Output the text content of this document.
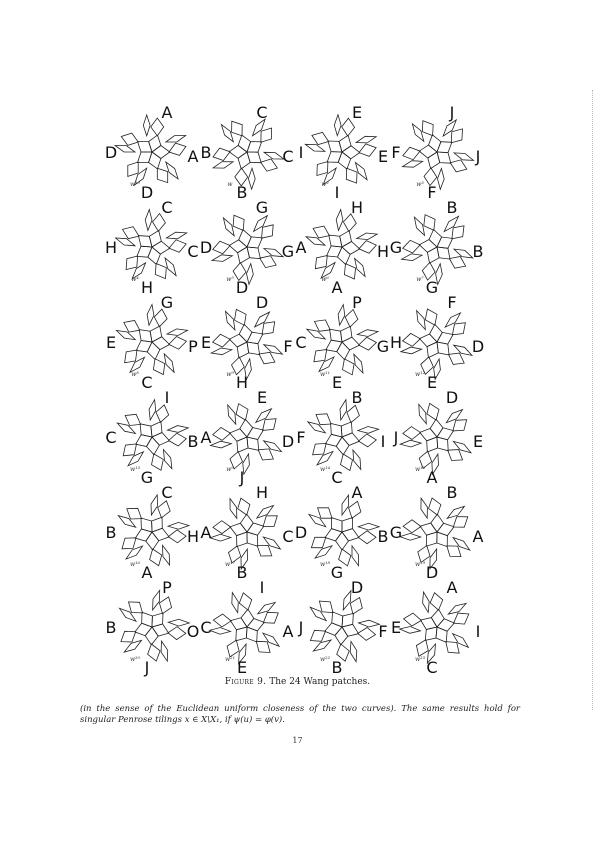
A
A
D
D
w¹⁰
C
C
B
B
w
E
E
I
I
w²
J
J
F
F
w³
C
C
H
H
w⁴
G
G
D
D
w⁵
H
H
A
A
w⁶
B
B
G
G
w⁷
G
P
C
E
w⁸
D
F
H
E
w⁹
P
G
E
C
w¹¹
F
D
E
H
w¹²
I
B
G
C
w¹³
E
D
J
A
w⁹
B
I
C
F
w¹⁴
D
E
A
J
w¹⁵
C
H
A
B
w¹⁶
H
C
B
A
w¹⁷
A
B
G
D
w¹⁸
B
A
D
G
w¹⁹
P
O
J
B
w²⁰
I
A
E
C
w²¹
D
F
B
J
w²²
A
I
C
E
w²³
Figure 9. The 24 Wang patches.

(in the sense of the Euclidean uniform closeness of the two curves). The same results hold for singular Penrose tilings x ∈ X\X₁, if ψ(u) = φ(v).

17
